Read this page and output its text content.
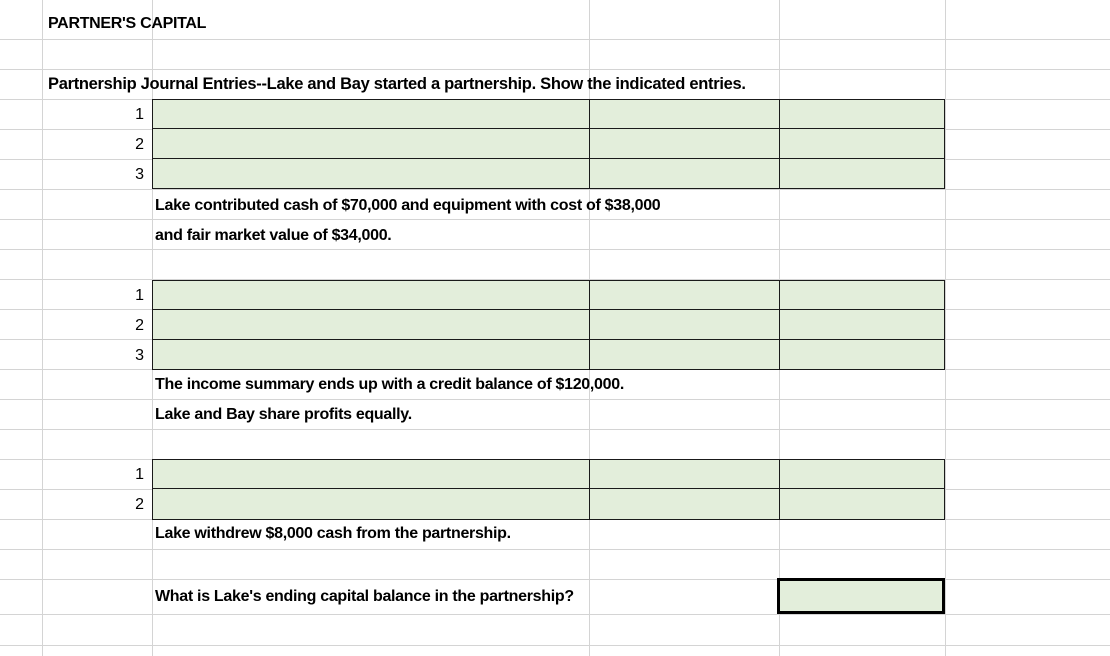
PARTNER'S CAPITAL
Partnership Journal Entries--Lake and Bay started a partnership. Show the indicated entries.
1
2
3
Lake contributed cash of $70,000 and equipment with cost of $38,000
and fair market value of $34,000.
1
2
3
The income summary ends up with a credit balance of $120,000.
Lake and Bay share profits equally.
1
2
Lake withdrew $8,000 cash from the partnership.
What is Lake's ending capital balance in the partnership?
